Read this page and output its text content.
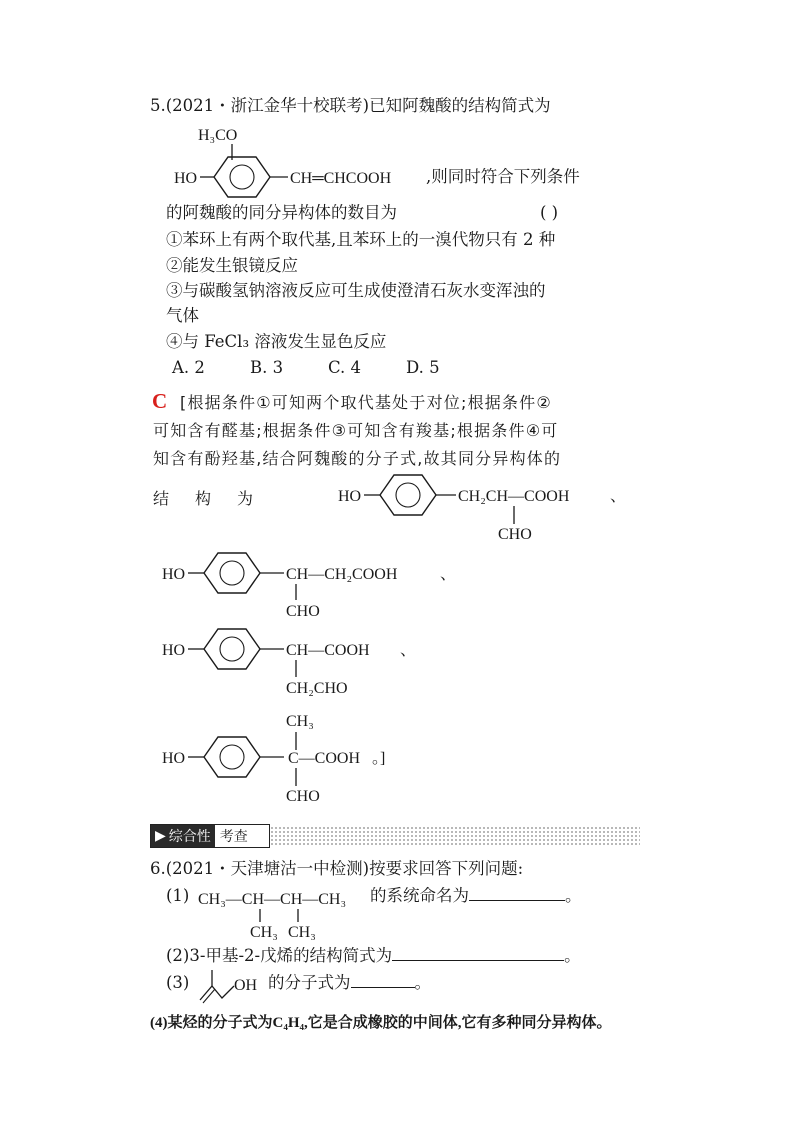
5.(2021・浙江金华十校联考)已知阿魏酸的结构简式为
H₃CO
HO	CH═CHCOOH
HO	CH₂CH—COOH
CHO
、
HO	CH—CH₂COOH
CHO
、
HO	CH—COOH
CH₂CHO
、
CH₃
HO	C—COOH
CHO
。]
CH₃—CH—CH—CH₃
CH₃ CH₃
OH
,则同时符合下列条件
的阿魏酸的同分异构体的数目为	( )
①苯环上有两个取代基,且苯环上的一溴代物只有 2 种
②能发生银镜反应
③与碳酸氢钠溶液反应可生成使澄清石灰水变浑浊的
气体
④与 FeCl₃ 溶液发生显色反应
A. 2	B. 3	C. 4	D. 5
C [根据条件①可知两个取代基处于对位;根据条件②
可知含有醛基;根据条件③可知含有羧基;根据条件④可
知含有酚羟基,结合阿魏酸的分子式,故其同分异构体的
结构为
▶ 综合性 考查
6.(2021・天津塘沽一中检测)按要求回答下列问题:
(1)	的系统命名为	。
(2)3-甲基-2-戊烯的结构简式为	。
(3)	的分子式为	。
(4)某烃的分子式为C₄H₄,它是合成橡胶的中间体,它有多种同分异构体。
